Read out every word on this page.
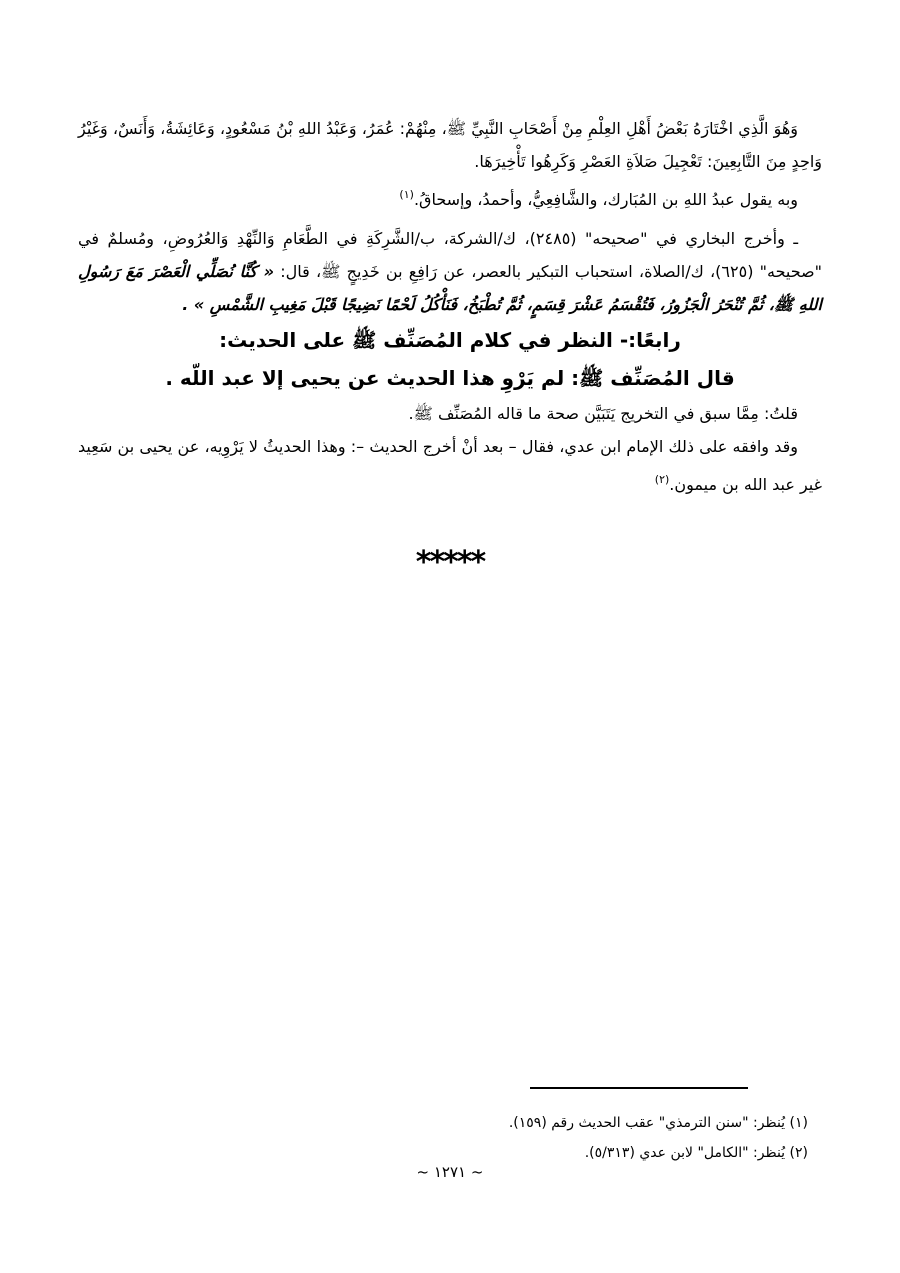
وَهُوَ الَّذِي اخْتَارَهُ بَعْضُ أَهْلِ العِلْمِ مِنْ أَصْحَابِ النَّبِيِّ ﷺ، مِنْهُمْ: عُمَرُ، وَعَبْدُ اللهِ بْنُ مَسْعُودٍ، وَعَائِشَةُ، وَأَنَسٌ، وَغَيْرُ وَاحِدٍ مِنَ التَّابِعِينَ: تَعْجِيلَ صَلاَةِ العَصْرِ وَكَرِهُوا تَأْخِيرَهَا.

وبه يقول عبدُ اللهِ بن المُبَارك، والشَّافِعِيُّ، وأحمدُ، وإسحاقُ.$^{(١)}$

ـ وأخرج البخاري في "صحيحه" (٢٤٨٥)، ك/الشركة، ب/الشَّرِكَةِ في الطَّعَامِ وَالنِّهْدِ وَالعُرُوضِ، ومُسلمٌ في "صحيحه" (٦٢٥)، ك/الصلاة، استحباب التبكير بالعصر، عن رَافِعِ بن خَدِيجٍ ﷺ، قال: « كُنَّا نُصَلِّي الْعَصْرَ مَعَ رَسُولِ اللهِ ﷺ، ثُمَّ تُنْحَرُ الْجَزُورُ، فَتُقْسَمُ عَشْرَ قِسَمٍ، ثُمَّ تُطْبَخُ، فَنَأْكُلُ لَحْمًا نَضِيجًا قَبْلَ مَغِيبِ الشَّمْسِ » .

رابعًا:- النظر في كلام المُصَنِّف ﷺ على الحديث:

قال المُصَنِّف ﷺ: لم يَرْوِ هذا الحديث عن يحيى إلا عبد اللّه .

قلتُ: مِمَّا سبق في التخريج يَتَبَيَّن صحة ما قاله المُصَنِّف ﷺ.

وقد وافقه على ذلك الإمام ابن عدي، فقال – بعد أنْ أخرج الحديث –: وهذا الحديثُ لا يَرْوِيه، عن يحيى بن سَعِيد غير عبد الله بن ميمون.$^{(٢)}$

*****

(١) يُنظر: "سنن الترمذي" عقب الحديث رقم (١٥٩).

(٢) يُنظر: "الكامل" لابن عدي (٥/٣١٣).

~ ١٢٧١ ~
